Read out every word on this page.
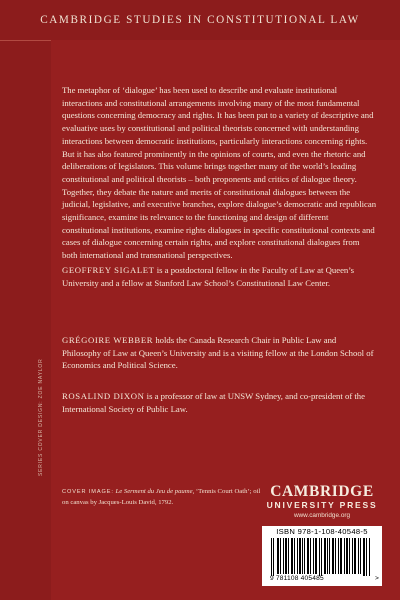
CAMBRIDGE STUDIES IN CONSTITUTIONAL LAW

The metaphor of ‘dialogue’ has been used to describe and evaluate institutional interactions and constitutional arrangements involving many of the most fundamental questions concerning democracy and rights. It has been put to a variety of descriptive and evaluative uses by constitutional and political theorists concerned with understanding interactions between democratic institutions, particularly interactions concerning rights. But it has also featured prominently in the opinions of courts, and even the rhetoric and deliberations of legislators. This volume brings together many of the world’s leading constitutional and political theorists – both proponents and critics of dialogue theory. Together, they debate the nature and merits of constitutional dialogues between the judicial, legislative, and executive branches, explore dialogue’s democratic and republican significance, examine its relevance to the functioning and design of different constitutional institutions, examine rights dialogues in specific constitutional contexts and cases of dialogue concerning certain rights, and explore constitutional dialogues from both international and transnational perspectives.

GEOFFREY SIGALET is a postdoctoral fellow in the Faculty of Law at Queen’s University and a fellow at Stanford Law School’s Constitutional Law Center.

GRÉGOIRE WEBBER holds the Canada Research Chair in Public Law and Philosophy of Law at Queen’s University and is a visiting fellow at the London School of Economics and Political Science.

ROSALIND DIXON is a professor of law at UNSW Sydney, and co-president of the International Society of Public Law.

SERIES COVER DESIGN: ZOE NAYLOR
COVER IMAGE: Le Serment du Jeu de paume, ‘Tennis Court Oath’; oil on canvas by Jacques-Louis David, 1792.
CAMBRIDGE
UNIVERSITY PRESS
www.cambridge.org
ISBN 978-1-108-40548-5
9 781108 405485	>
